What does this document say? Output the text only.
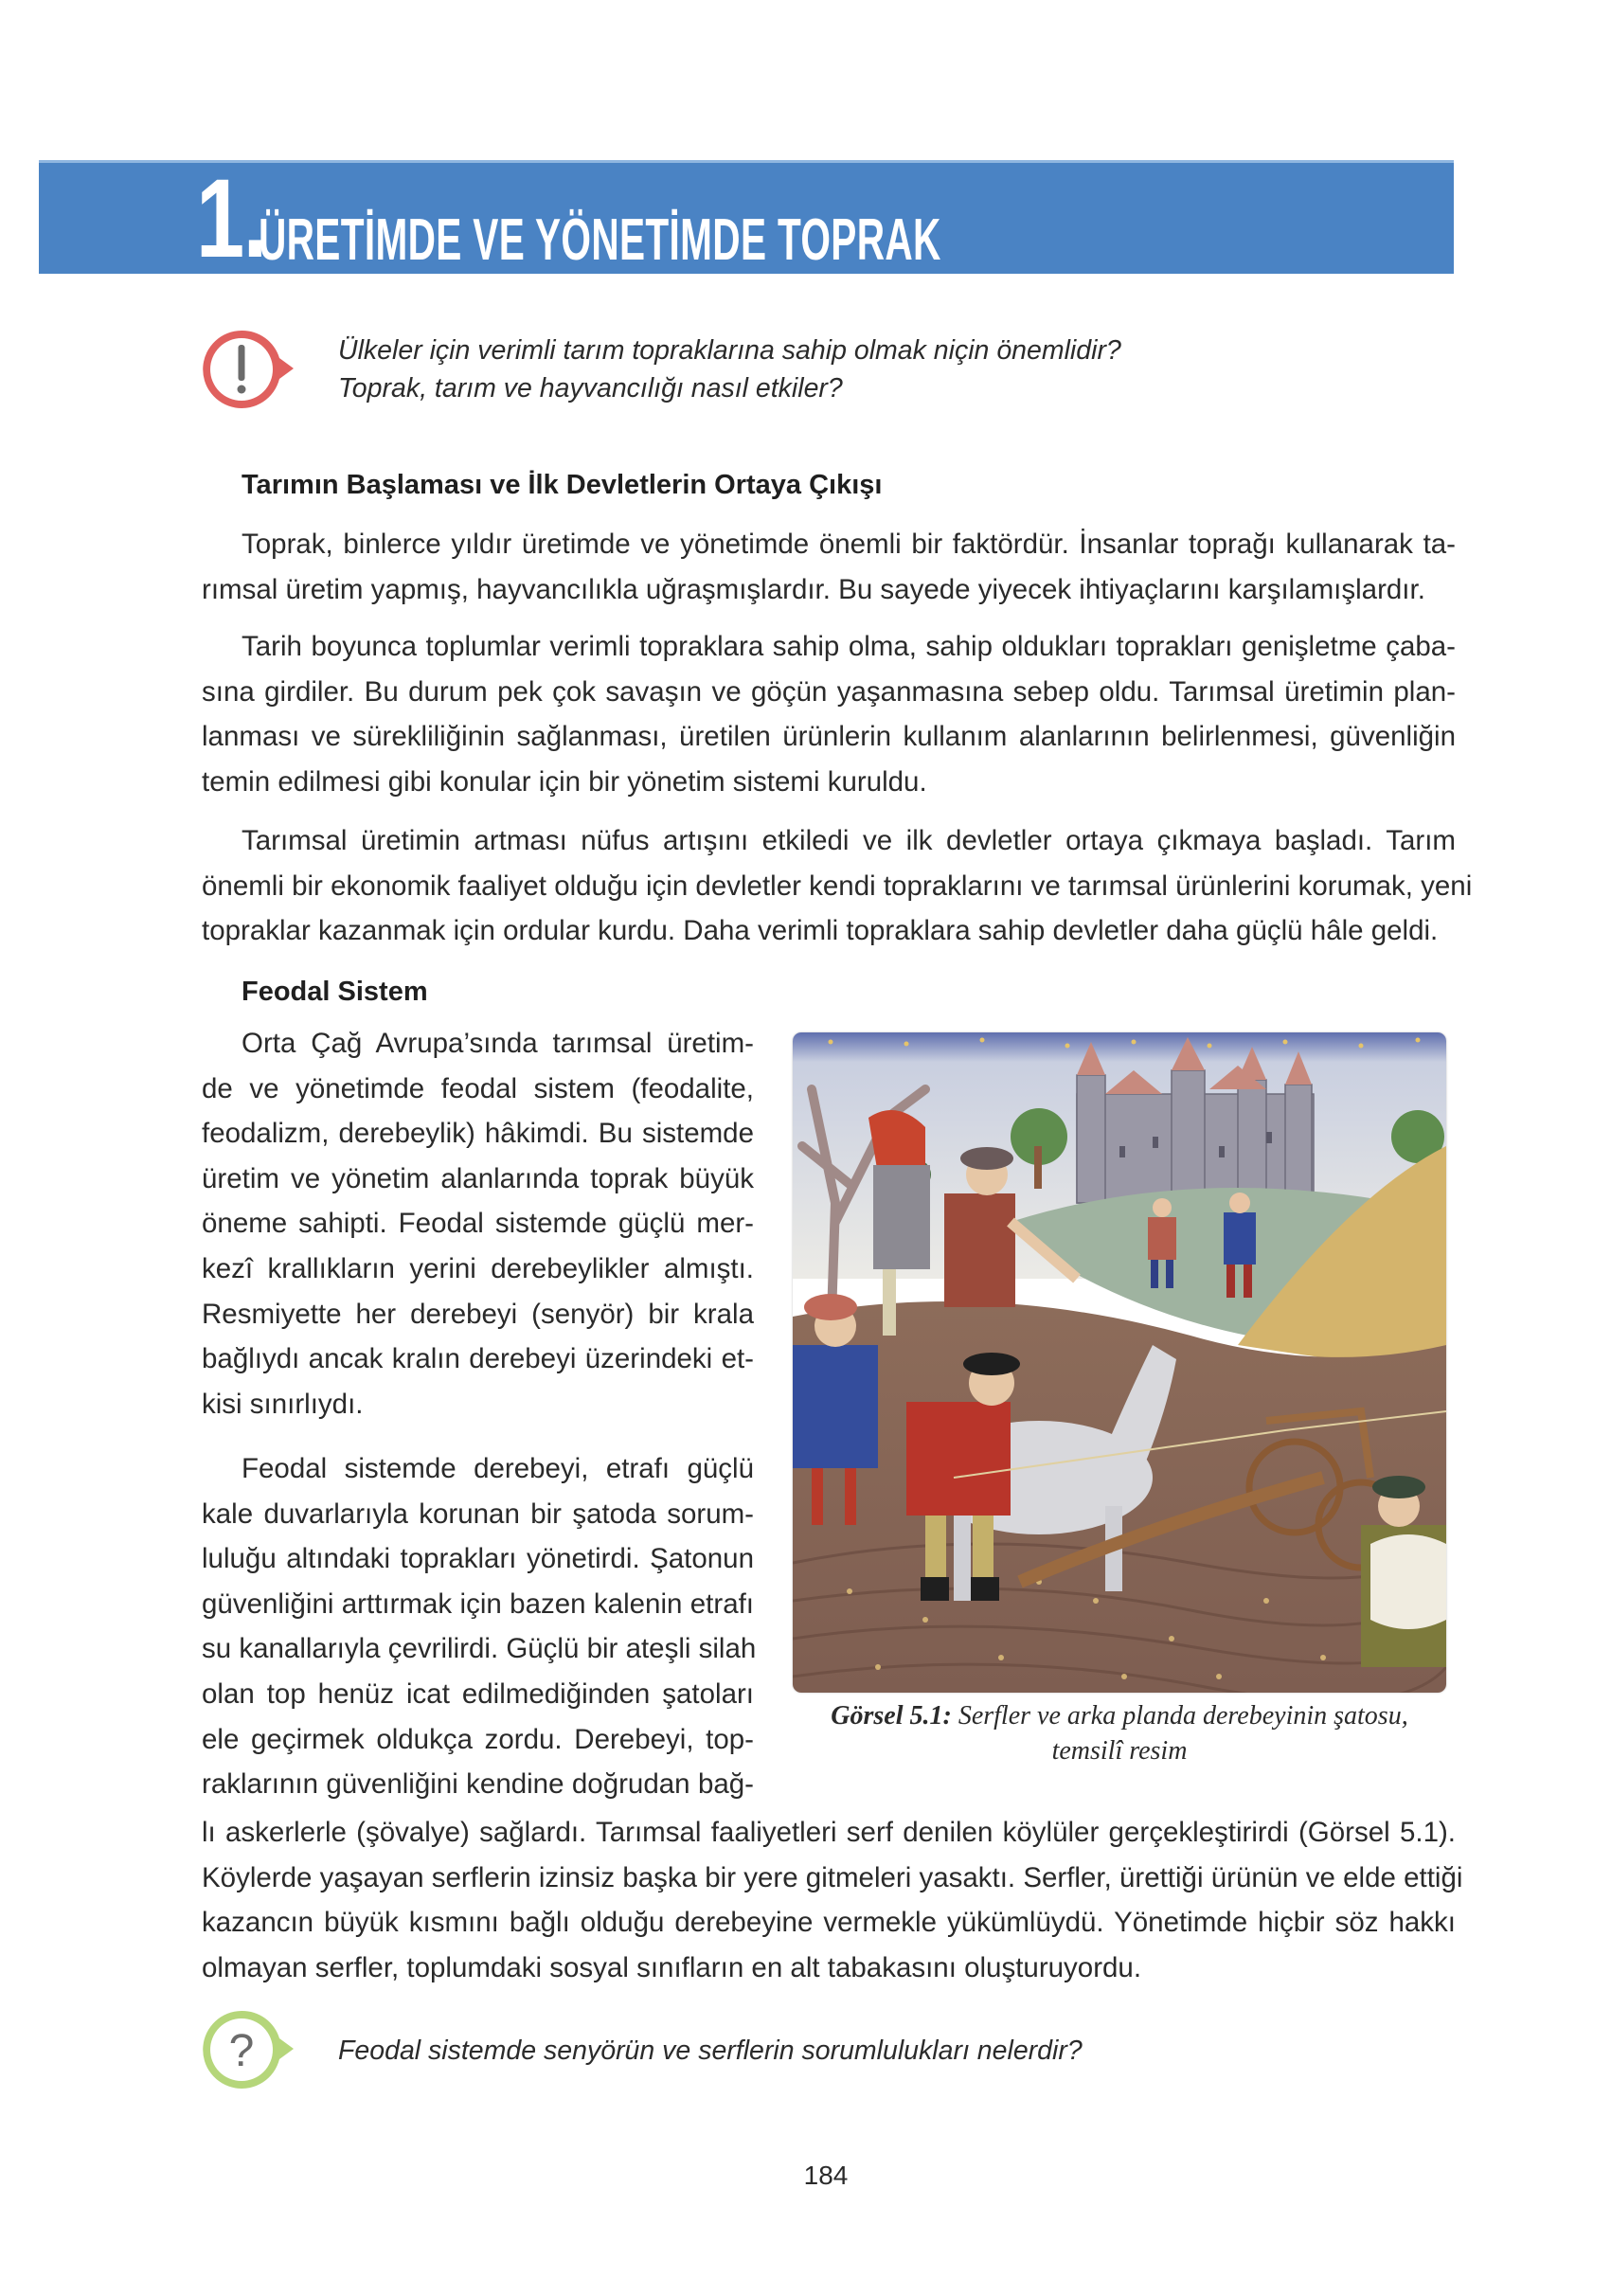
1.
ÜRETİMDE VE YÖNETİMDE TOPRAK
Ülkeler için verimli tarım topraklarına sahip olmak niçin önemlidir?
Toprak, tarım ve hayvancılığı nasıl etkiler?
Tarımın Başlaması ve İlk Devletlerin Ortaya Çıkışı
Toprak, binlerce yıldır üretimde ve yönetimde önemli bir faktördür. İnsanlar toprağı kullanarak ta-
rımsal üretim yapmış, hayvancılıkla uğraşmışlardır. Bu sayede yiyecek ihtiyaçlarını karşılamışlardır.
Tarih boyunca toplumlar verimli topraklara sahip olma, sahip oldukları toprakları genişletme çaba-
sına girdiler. Bu durum pek çok savaşın ve göçün yaşanmasına sebep oldu. Tarımsal üretimin plan-
lanması ve sürekliliğinin sağlanması, üretilen ürünlerin kullanım alanlarının belirlenmesi, güvenliğin
temin edilmesi gibi konular için bir yönetim sistemi kuruldu.
Tarımsal üretimin artması nüfus artışını etkiledi ve ilk devletler ortaya çıkmaya başladı. Tarım
önemli bir ekonomik faaliyet olduğu için devletler kendi topraklarını ve tarımsal ürünlerini korumak, yeni
topraklar kazanmak için ordular kurdu. Daha verimli topraklara sahip devletler daha güçlü hâle geldi.
Feodal Sistem
Orta Çağ Avrupa’sında tarımsal üretim-
de ve yönetimde feodal sistem (feodalite,
feodalizm, derebeylik) hâkimdi. Bu sistemde
üretim ve yönetim alanlarında toprak büyük
öneme sahipti. Feodal sistemde güçlü mer-
kezî krallıkların yerini derebeylikler almıştı.
Resmiyette her derebeyi (senyör) bir krala
bağlıydı ancak kralın derebeyi üzerindeki et-
kisi sınırlıydı.
Feodal sistemde derebeyi, etrafı güçlü
kale duvarlarıyla korunan bir şatoda sorum-
luluğu altındaki toprakları yönetirdi. Şatonun
güvenliğini arttırmak için bazen kalenin etrafı
su kanallarıyla çevrilirdi. Güçlü bir ateşli silah
olan top henüz icat edilmediğinden şatoları
ele geçirmek oldukça zordu. Derebeyi, top-
raklarının güvenliğini kendine doğrudan bağ-
lı askerlerle (şövalye) sağlardı. Tarımsal faaliyetleri serf denilen köylüler gerçekleştirirdi (Görsel 5.1).
Köylerde yaşayan serflerin izinsiz başka bir yere gitmeleri yasaktı. Serfler, ürettiği ürünün ve elde ettiği
kazancın büyük kısmını bağlı olduğu derebeyine vermekle yükümlüydü. Yönetimde hiçbir söz hakkı
olmayan serfler, toplumdaki sosyal sınıfların en alt tabakasını oluşturuyordu.
Görsel 5.1: Serfler ve arka planda derebeyinin şatosu,
temsilî resim
?	Feodal sistemde senyörün ve serflerin sorumlulukları nelerdir?
184
